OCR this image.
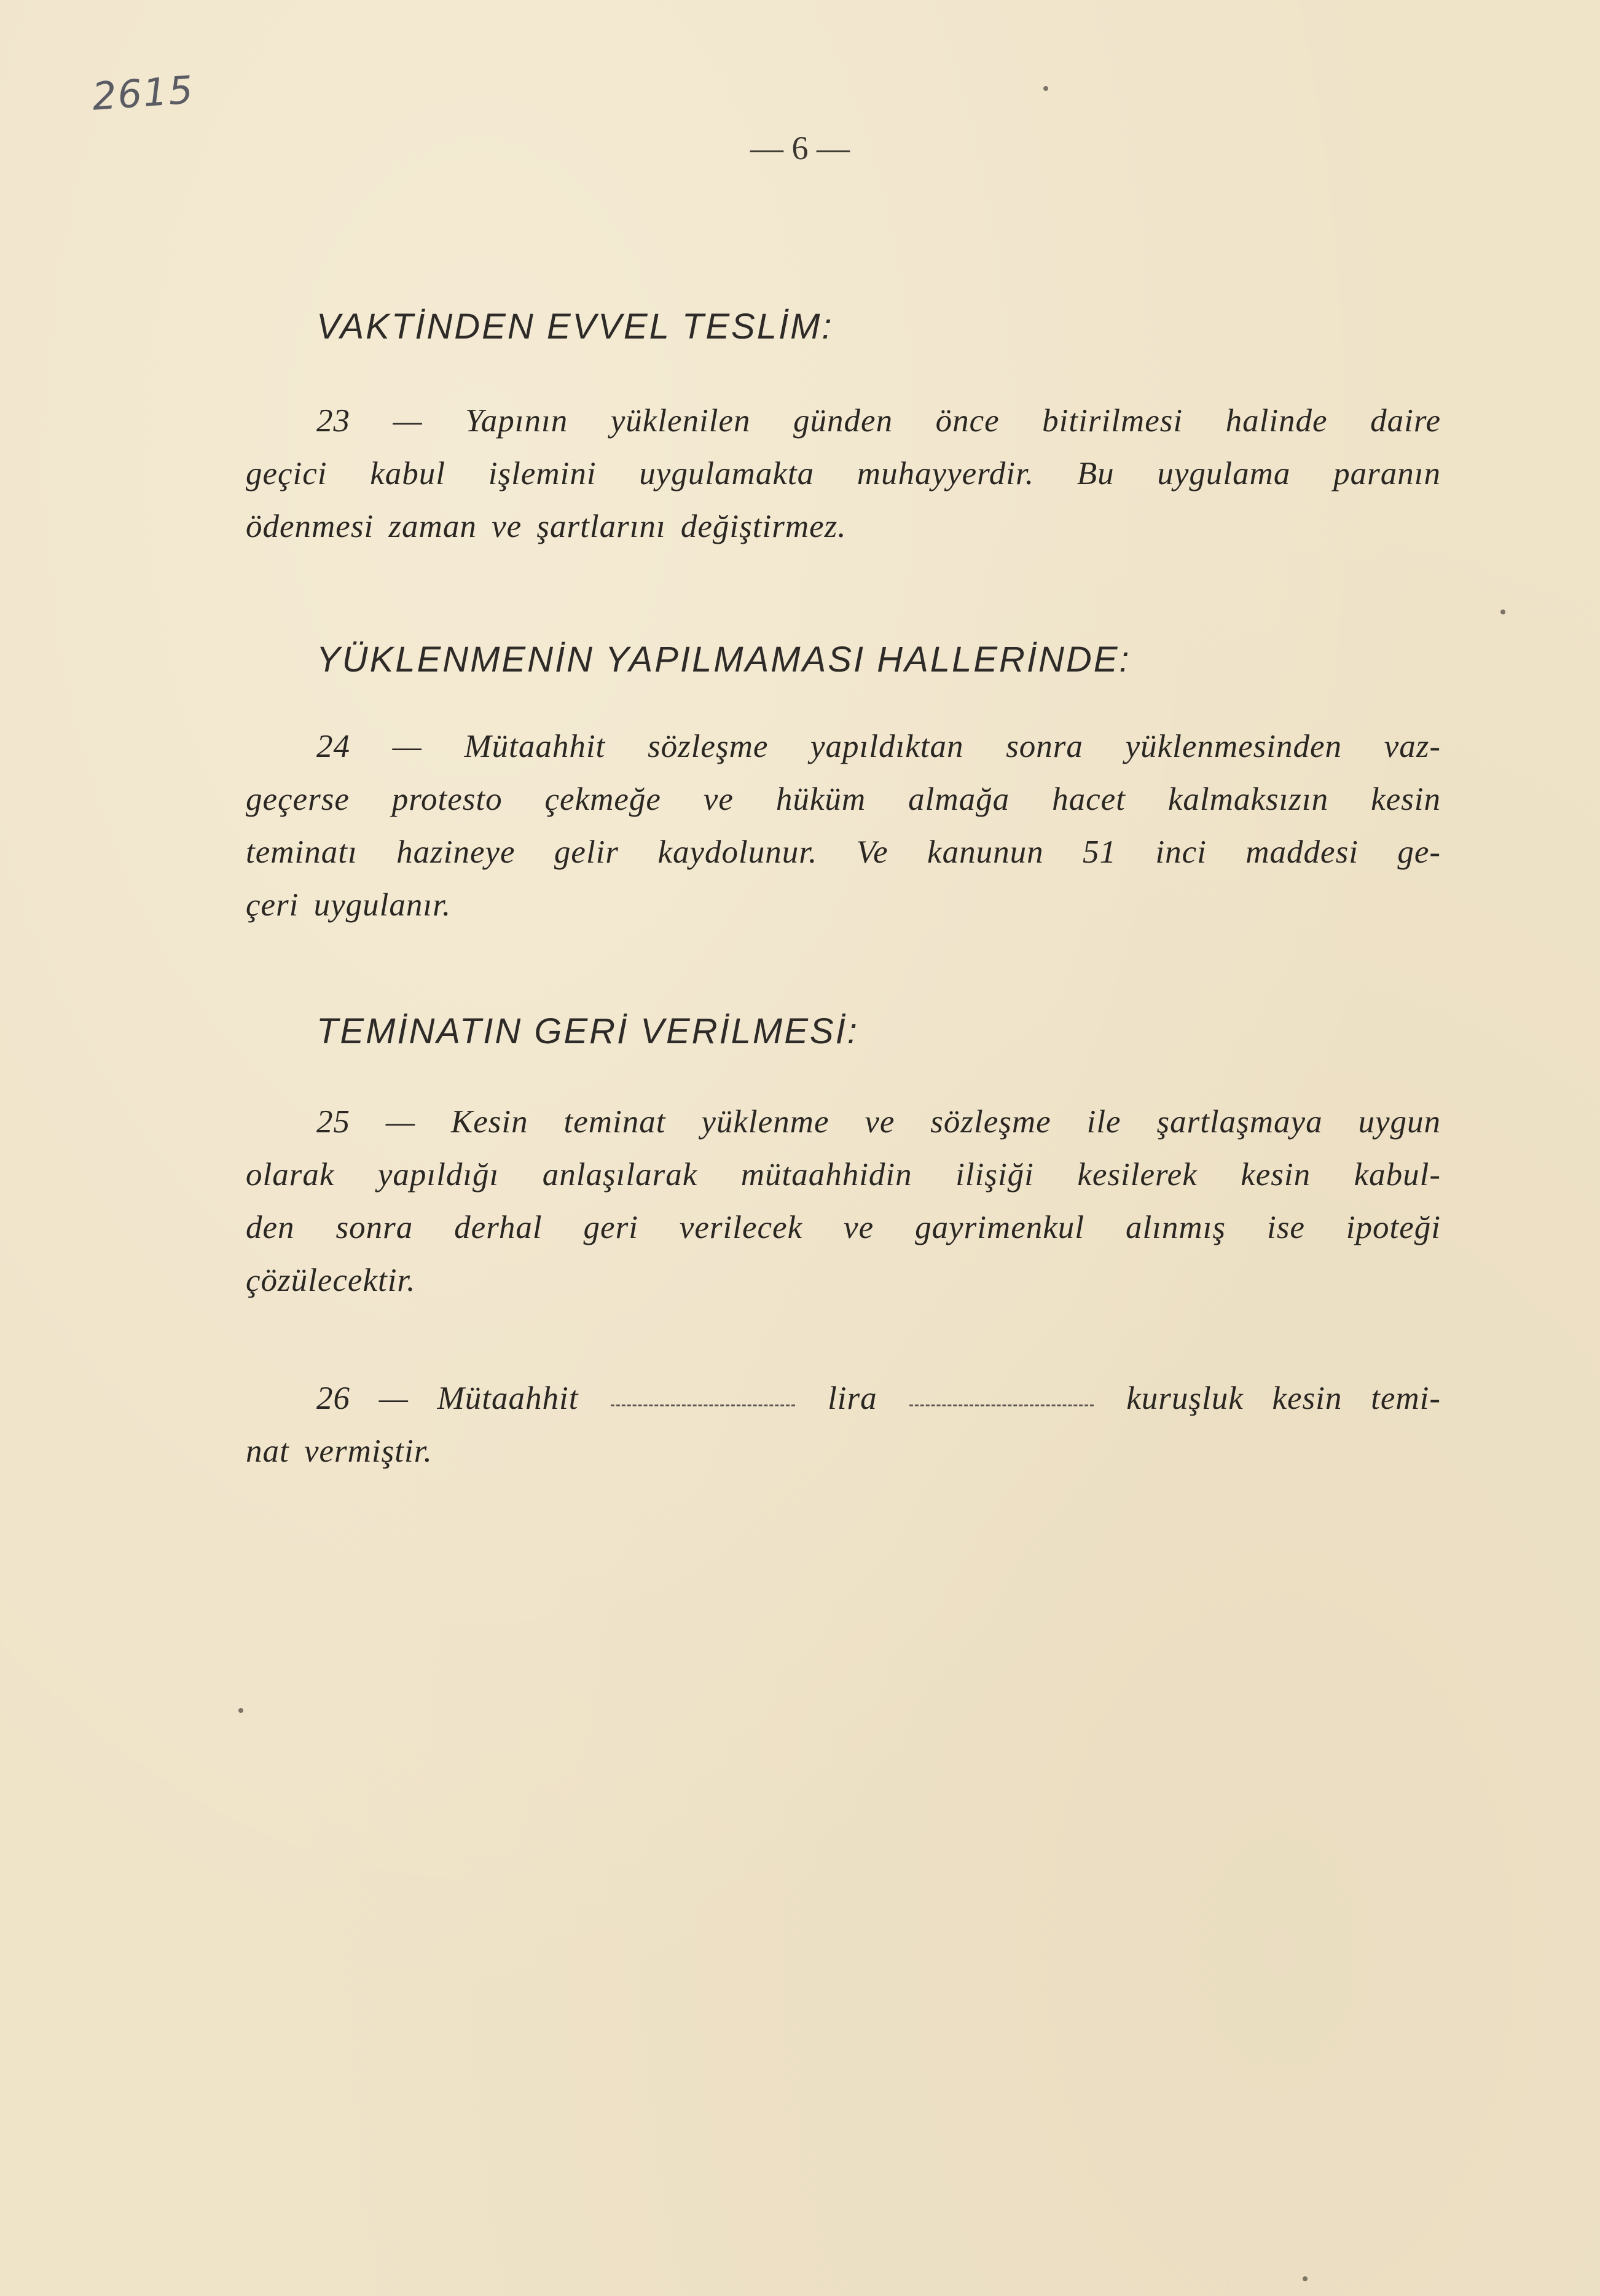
2615
— 6 —
VAKTİNDEN EVVEL TESLİM:
23 — Yapının yüklenilen günden önce bitirilmesi halinde daire
geçici kabul işlemini uygulamakta muhayyerdir. Bu uygulama paranın
ödenmesi zaman ve şartlarını değiştirmez.
YÜKLENMENİN YAPILMAMASI HALLERİNDE:
24 — Mütaahhit sözleşme yapıldıktan sonra yüklenmesinden vaz-
geçerse protesto çekmeğe ve hüküm almağa hacet kalmaksızın kesin
teminatı hazineye gelir kaydolunur. Ve kanunun 51 inci maddesi ge-
çeri uygulanır.
TEMİNATIN GERİ VERİLMESİ:
25 — Kesin teminat yüklenme ve sözleşme ile şartlaşmaya uygun
olarak yapıldığı anlaşılarak mütaahhidin ilişiği kesilerek kesin kabul-
den sonra derhal geri verilecek ve gayrimenkul alınmış ise ipoteği
çözülecektir.
26 — Mütaahhit	lira	kuruşluk kesin temi-
nat vermiştir.
